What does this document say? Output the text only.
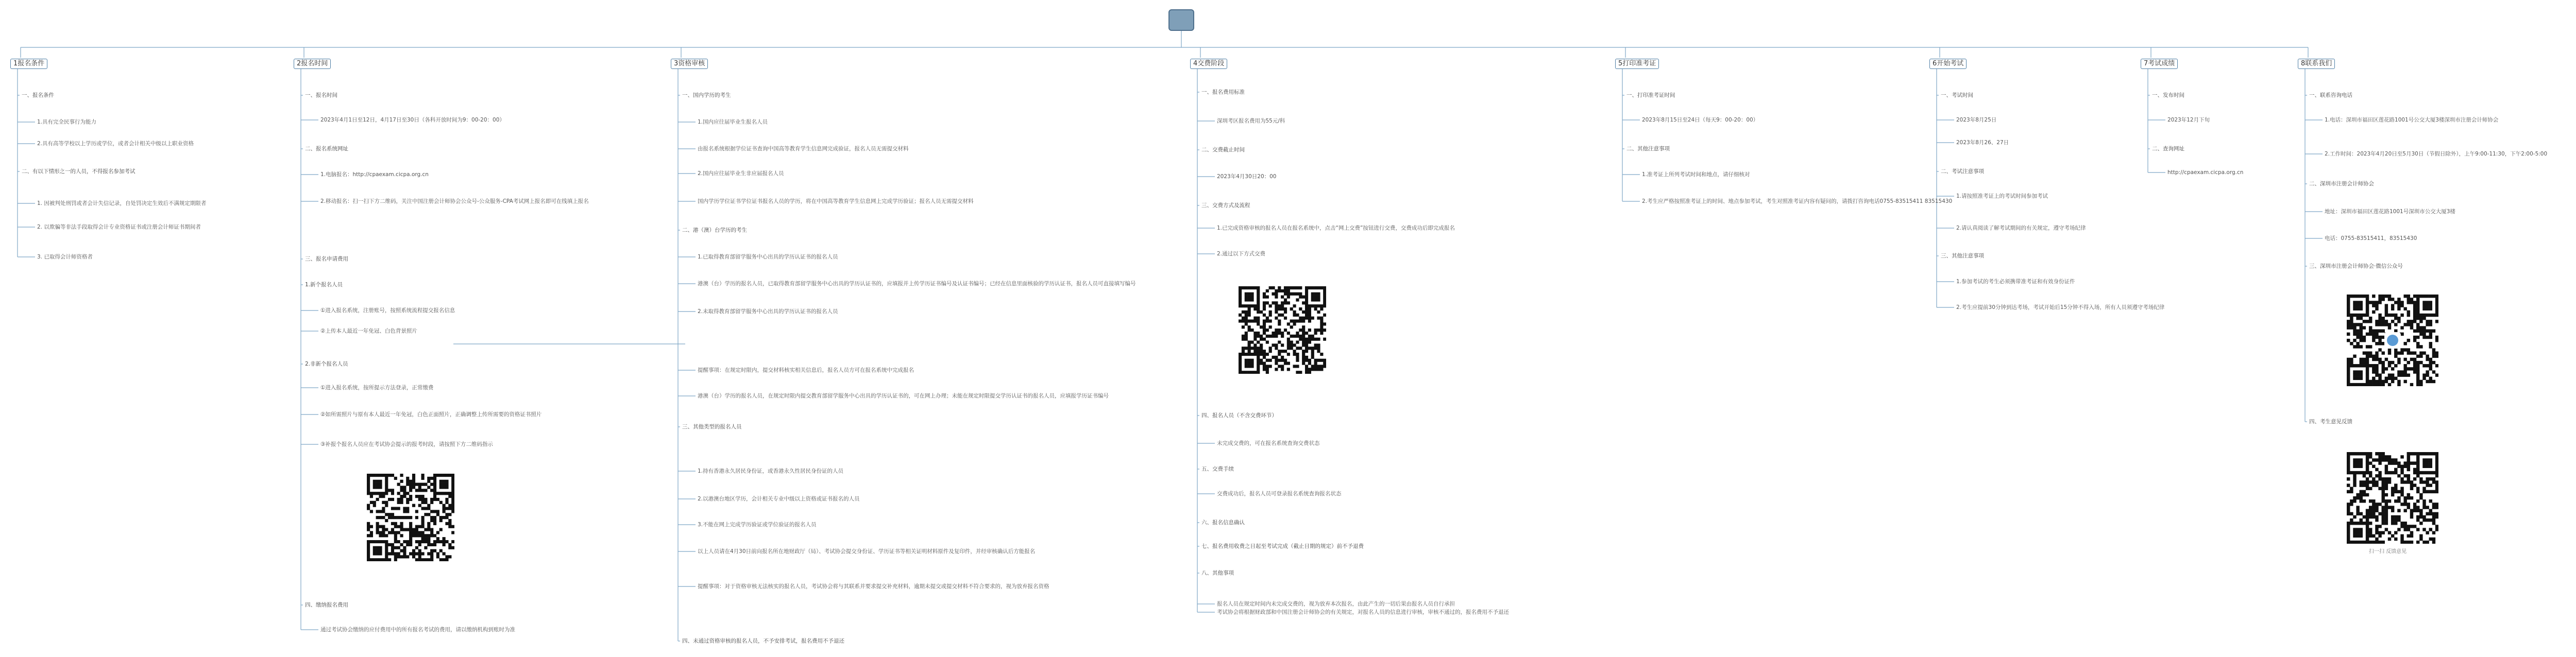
扫一扫 反馈意见
1报名条件
一、报名条件
1.具有完全民事行为能力
2.具有高等学校以上学历或学位，或者会计相关中级以上职业资格
二、有以下情形之一的人员，不得报名参加考试
1. 因被判处刑罚或者会计失信记录，自处罚决定生效后不满规定期限者
2. 以欺骗等非法手段取得会计专业资格证书或注册会计师证书期间者
3. 已取得会计师资格者
2报名时间
一、报名时间
2023年4月1日至12日，4月17日至30日（各科开放时间为9：00-20：00）
二、报名系统网址
1.电脑报名：http://cpaexam.cicpa.org.cn
2.移动报名：扫一扫下方二维码，关注中国注册会计师协会公众号-公众服务-CPA考试网上报名即可在线填上报名
三、报名申请费用
1.新个报名人员
①进入报名系统，注册账号，按照系统流程提交报名信息
②上传本人最近一年免冠、白色背景照片
2.非新个报名人员
①进入报名系统，按所提示方法登录，正常缴费
②如所需照片与原有本人最近一年免冠，白色正面照片，正确调整上传所需要的资格证书照片
③补报个报名人员应在考试协会提示的报考时段，请按照下方二维码指示
四、缴纳报名费用
通过考试协会缴纳的应付费用中的所有报名考试的费用，请以缴纳机构到账时为准
3资格审核
一、国内学历的考生
1.国内应往届毕业生报名人员
由报名系统根据学位证书查询中国高等教育学生信息网完成验证，报名人员无需提交材料
2.国内应往届毕业生非应届报名人员
国内学历学位证书学位证书报名人员的学历，将在中国高等教育学生信息网上完成学历验证；报名人员无需提交材料
二、港（澳）台学历的考生
1.已取得教育部留学服务中心出具的学历认证书的报名人员
港澳（台）学历的报名人员，已取得教育部留学服务中心出具的学历认证书的，应填报并上传学历证书编号及认证书编号；已经在信息里面核验的学历认证书，报名人员可直接填写编号
2.未取得教育部留学服务中心出具的学历认证书的报名人员
提醒事项：在规定时限内，提交材料核实相关信息后，报名人员方可在报名系统中完成报名
港澳（台）学历的报名人员，在规定时限内提交教育部留学服务中心出具的学历认证书的，可在网上办理；未能在规定时限提交学历认证书的报名人员，应填报学历证书编号
三、其他类型的报名人员
1.持有香港永久居民身份证，或香港永久性居民身份证的人员
2.以港澳台地区学历，会计相关专业中级以上资格或证书报名的人员
3.不能在网上完成学历验证或学位验证的报名人员
以上人员请在4月30日前向报名所在地财政厅（局）、考试协会提交身份证、学历证书等相关证明材料原件及复印件，并经审核确认后方能报名
提醒事项：对于资格审核无法核实的报名人员，考试协会将与其联系并要求提交补充材料，逾期未提交或提交材料不符合要求的，视为放弃报名资格
四、未通过资格审核的报名人员，不予安排考试，报名费用不予退还
4交费阶段
一、报名费用标准
深圳考区报名费用为55元/科
二、交费截止时间
2023年4月30日20：00
三、交费方式及流程
1.已完成资格审核的报名人员在报名系统中，点击“网上交费”按钮进行交费，交费成功后即完成报名
2.通过以下方式交费
四、报名人员（不含交费环节）
未完成交费的，可在报名系统查询交费状态
五、交费手续
交费成功后，报名人员可登录报名系统查询报名状态
六、报名信息确认
七、报名费用收费之日起至考试完成（截止日期的规定）前不予退费
八、其他事项
报名人员在规定时间内未完成交费的，视为放弃本次报名，由此产生的一切后果由报名人员自行承担
考试协会将根据财政部和中国注册会计师协会的有关规定，对报名人员的信息进行审核，审核不通过的，报名费用不予退还
5打印准考证
一、打印准考证时间
2023年8月15日至24日（每天9：00-20：00）
二、其他注意事项
1.准考证上所列考试时间和地点，请仔细核对
2.考生应严格按照准考证上的时间、地点参加考试，考生对照准考证内容有疑问的，请拨打咨询电话0755-83515411 83515430
6开始考试
一、考试时间
2023年8月25日
2023年8月26、27日
二、考试注意事项
1.请按照准考证上的考试时间参加考试
2.请认真阅读了解考试期间的有关规定，遵守考场纪律
三、其他注意事项
1.参加考试的考生必须携带准考证和有效身份证件
2.考生应提前30分钟到达考场，考试开始后15分钟不得入场，所有人员须遵守考场纪律
7考试成绩
一、发布时间
2023年12月下旬
二、查询网址
http://cpaexam.cicpa.org.cn
8联系我们
一、联系咨询电话
1.电话：深圳市福田区莲花路1001号公交大厦3楼深圳市注册会计师协会
2.工作时间：2023年4月20日至5月30日（节假日除外），上午9:00-11:30，下午2:00-5:00
二、深圳市注册会计师协会
地址：深圳市福田区莲花路1001号深圳市公交大厦3楼
电话：0755-83515411，83515430
三、深圳市注册会计师协会·微信公众号
四、考生意见反馈
